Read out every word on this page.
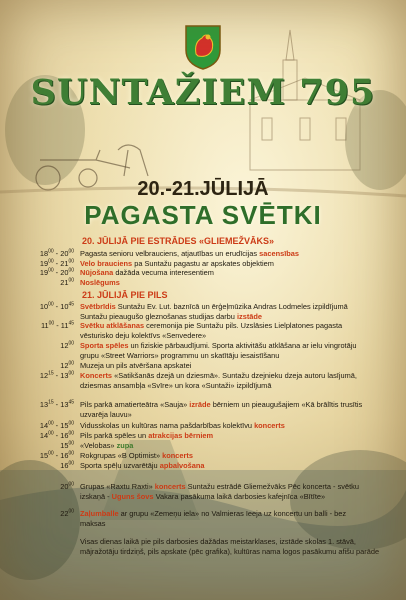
SUNTAŽIEM 795
20.-21.JŪLIJĀ
PAGASTA SVĒTKI
20. JŪLIJĀ PIE ESTRĀDES «GLIEMEŽVĀKS»
21. JŪLIJĀ PIE PILS
$18^{00} - 20^{00}$ Pagasta senioru velbrauciens, atjautības un erudīcijas sacensības
$19^{00} - 21^{00}$ Velo brauciens pa Suntažu pagastu ar apskates objektiem
$19^{00} - 20^{00}$ Nūjošana dažāda vecuma interesentiem
$21^{00}$ Noslēgums
$10^{00} - 10^{45}$ Svētbrīdis Suntažu Ev. Lut. baznīcā un ērģeļmūzika Andras Lodmeles izpildījumā Suntažu pieaugušo gleznošanas studijas darbu izstāde
$11^{00} - 11^{45}$ Svētku atklāšanas ceremonija pie Suntažu pils. Uzslāsies Lielplatones pagasta vēsturisko deju kolektīvs «Senvedere»
$12^{00}$ Sporta spēles un fiziskie pārbaudījumi. Sporta aktivitāšu atklāšana ar ielu vingrotāju grupu «Street Warriors» programmu un skatītāju iesaistīšanu
$12^{00}$ Muzeja un pils atvēršana apskatei
$12^{15} - 13^{00}$ Koncerts «Satikšanās dzejā un dziesmā». Suntažu dzejnieku dzeja autoru lasījumā, dziesmas ansambļa «Svīre» un kora «Suntaži» izpildījumā
$13^{15} - 13^{45}$ Pils parkā amatierteātra «Sauja» izrāde bērniem un pieaugušajiem «Kā brālītis trusītis uzvarēja lauvu»
$14^{00} - 15^{00}$ Vidusskolas un kultūras nama pašdarbības kolektīvu koncerts
$14^{00} - 16^{00}$ Pils parkā spēles un atrakcijas bērniem
$15^{00}$ «Velobas» zupa
$15^{00} - 16^{00}$ Rokgrupas «B Optimist» koncerts
$16^{00}$ Sporta spēļu uzvarētāju apbalvošana
$20^{00}$ Grupas «Raxtu Raxti» koncerts Suntažu estrādē Gliemežvāks Pēc koncerta - svētku izskaņā - Uguns šovs Vakara pasākuma laikā darbosies kafejnīca «Bītīte»
$22^{00}$ Zaļumballe ar grupu «Zemeņu iela» no Valmieras Ieeja uz koncertu un balli - bez maksas
Visas dienas laikā pie pils darbosies dažādas meistarklases, izstāde skolas 1. stāvā, mājražotāju tirdziņš, pils apskate (pēc grafika), kultūras nama logos pasākumu afišu parāde
